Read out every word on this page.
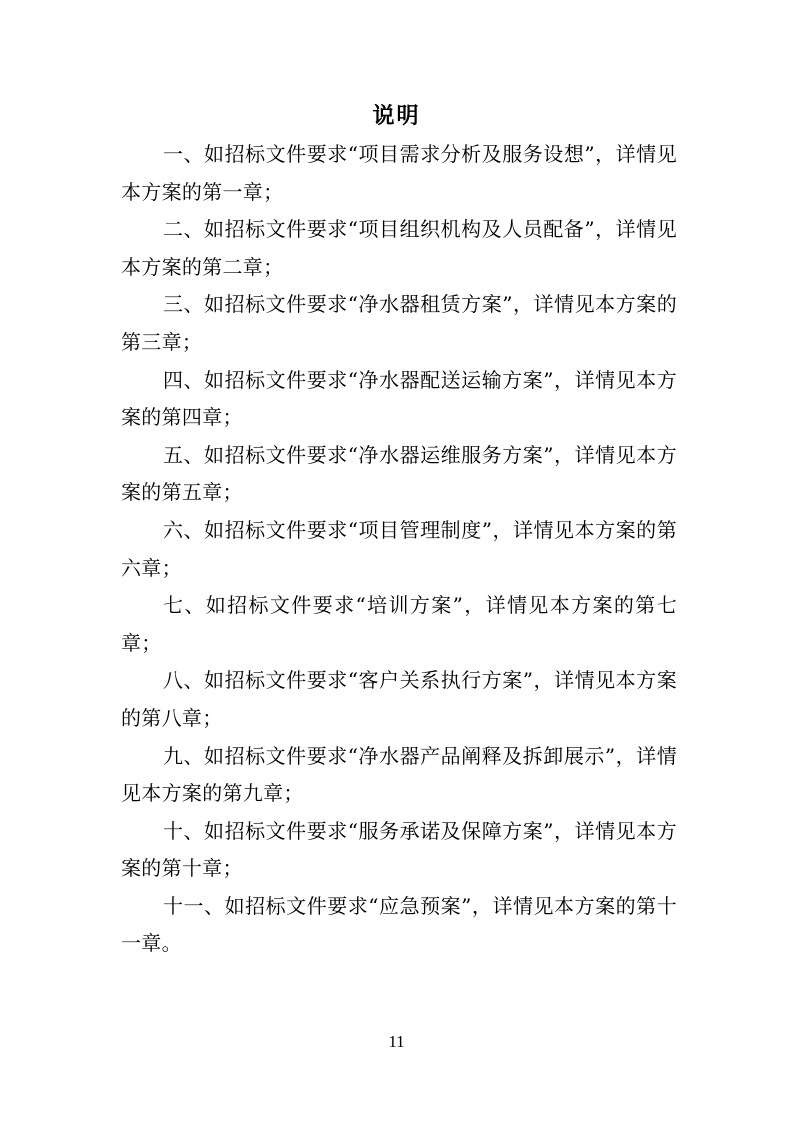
说明

一、如招标文件要求“项目需求分析及服务设想”，详情见本方案的第一章；

二、如招标文件要求“项目组织机构及人员配备”，详情见本方案的第二章；

三、如招标文件要求“净水器租赁方案”，详情见本方案的第三章；

四、如招标文件要求“净水器配送运输方案”，详情见本方案的第四章；

五、如招标文件要求“净水器运维服务方案”，详情见本方案的第五章；

六、如招标文件要求“项目管理制度”，详情见本方案的第六章；

七、如招标文件要求“培训方案”，详情见本方案的第七章；

八、如招标文件要求“客户关系执行方案”，详情见本方案的第八章；

九、如招标文件要求“净水器产品阐释及拆卸展示”，详情见本方案的第九章；

十、如招标文件要求“服务承诺及保障方案”，详情见本方案的第十章；

十一、如招标文件要求“应急预案”，详情见本方案的第十一章。

11
